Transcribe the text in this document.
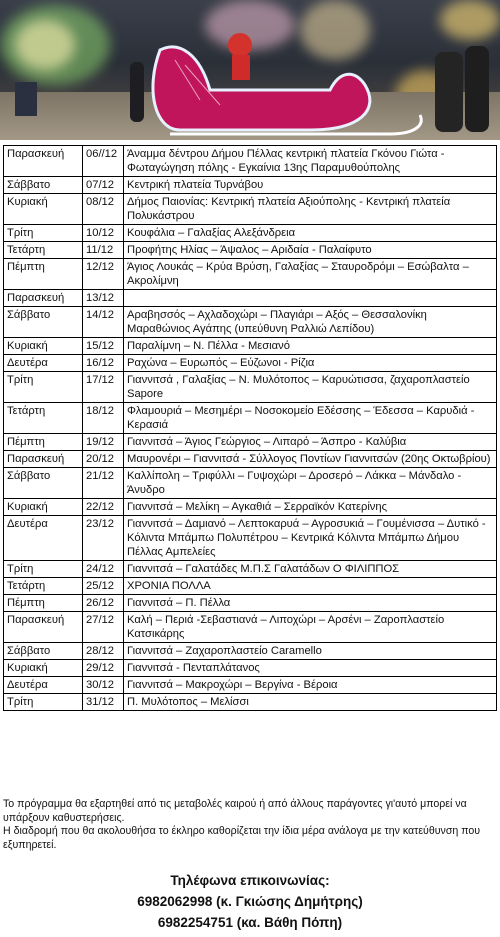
Παρασκευή	06//12	Άναμμα δέντρου Δήμου Πέλλας κεντρική πλατεία Γκόνου Γιώτα - Φωταγώγηση πόλης - Εγκαίνια 13ης Παραμυθούπολης
Σάββατο	07/12	Κεντρική πλατεία Τυρνάβου
Κυριακή	08/12	Δήμος Παιονίας: Κεντρική πλατεία Αξιούπολης - Κεντρική πλατεία Πολυκάστρου
Τρίτη	10/12	Κουφάλια – Γαλαξίας Αλεξάνδρεια
Τετάρτη	11/12	Προφήτης Ηλίας – Άψαλος – Αριδαία - Παλαίφυτο
Πέμπτη	12/12	Άγιος Λουκάς – Κρύα Βρύση, Γαλαξίας – Σταυροδρόμι – Εσώβαλτα – Ακρολίμνη
Παρασκευή	13/12	
Σάββατο	14/12	Αραβησσός – Αχλαδοχώρι – Πλαγιάρι – Αξός – Θεσσαλονίκη Μαραθώνιος Αγάπης (υπεύθυνη Ραλλιώ Λεπίδου)
Κυριακή	15/12	Παραλίμνη – Ν. Πέλλα - Μεσιανό
Δευτέρα	16/12	Ραχώνα – Ευρωπός – Εύζωνοι - Ρίζια
Τρίτη	17/12	Γιαννιτσά , Γαλαξίας – Ν. Μυλότοπος – Καρυώτισσα, ζαχαροπλαστείο Sapore
Τετάρτη	18/12	Φλαμουριά – Μεσημέρι – Νοσοκομείο Εδέσσης – Έδεσσα – Καρυδιά - Κερασιά
Πέμπτη	19/12	Γιαννιτσά – Άγιος Γεώργιος – Λιπαρό – Άσπρο - Καλύβια
Παρασκευή	20/12	Μαυρονέρι – Γιαννιτσά - Σύλλογος Ποντίων Γιαννιτσών (20ης Οκτωβρίου)
Σάββατο	21/12	Καλλίπολη – Τριφύλλι – Γυψοχώρι – Δροσερό – Λάκκα – Μάνδαλο - Άνυδρο
Κυριακή	22/12	Γιαννιτσά – Μελίκη – Αγκαθιά – Σερραϊκόν Κατερίνης
Δευτέρα	23/12	Γιαννιτσά – Δαμιανό – Λεπτοκαρυά – Αγροσυκιά – Γουμένισσα – Δυτικό - Κόλιντα Μπάμπω Πολυπέτρου – Κεντρικά Κόλιντα Μπάμπω Δήμου Πέλλας Αμπελείες
Τρίτη	24/12	Γιαννιτσά – Γαλατάδες Μ.Π.Σ Γαλατάδων Ο ΦΙΛΙΠΠΟΣ
Τετάρτη	25/12	ΧΡΟΝΙΑ ΠΟΛΛΑ
Πέμπτη	26/12	Γιαννιτσά – Π. Πέλλα
Παρασκευή	27/12	Καλή – Περιά -Σεβαστιανά – Λιποχώρι – Αρσένι – Ζαροπλαστείο Κατσικάρης
Σάββατο	28/12	Γιαννιτσά – Ζαχαροπλαστείο Caramello
Κυριακή	29/12	Γιαννιτσά - Πενταπλάτανος
Δευτέρα	30/12	Γιαννιτσά – Μακροχώρι – Βεργίνα - Βέροια
Τρίτη	31/12	Π. Μυλότοπος – Μελίσσι

Το πρόγραμμα θα εξαρτηθεί από τις μεταβολές καιρού ή από άλλους παράγοντες γι'αυτό μπορεί να υπάρξουν καθυστερήσεις.

Η διαδρομή που θα ακολουθήσα το έκληρο καθορίζεται την ίδια μέρα ανάλογα με την κατεύθυνση που εξυπηρετεί.

Τηλέφωνα επικοινωνίας:
6982062998 (κ. Γκιώσης Δημήτρης)
6982254751 (κα. Βάθη Πόπη)
